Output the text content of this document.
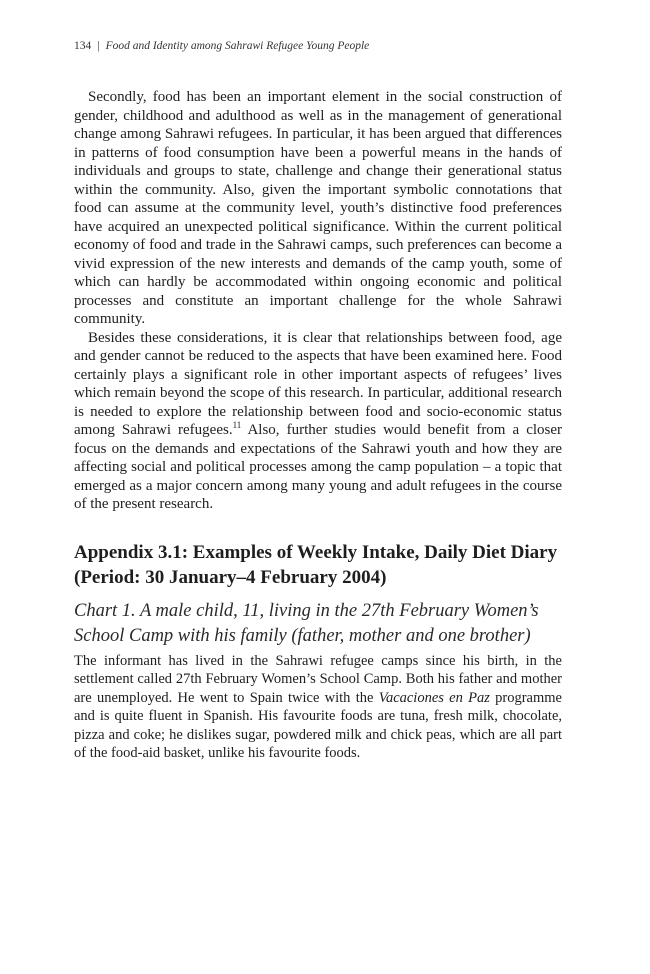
134 | Food and Identity among Sahrawi Refugee Young People

Secondly, food has been an important element in the social construction of gender, childhood and adulthood as well as in the management of generational change among Sahrawi refugees. In particular, it has been argued that differences in patterns of food consumption have been a powerful means in the hands of individuals and groups to state, challenge and change their generational status within the community. Also, given the important symbolic connotations that food can assume at the community level, youth’s distinctive food preferences have acquired an unexpected political significance. Within the current political economy of food and trade in the Sahrawi camps, such preferences can become a vivid expression of the new interests and demands of the camp youth, some of which can hardly be accommodated within ongoing economic and political processes and constitute an important challenge for the whole Sahrawi community.

Besides these considerations, it is clear that relationships between food, age and gender cannot be reduced to the aspects that have been examined here. Food certainly plays a significant role in other important aspects of refugees’ lives which remain beyond the scope of this research. In particular, additional research is needed to explore the relationship between food and socio-economic status among Sahrawi refugees.$^{11}$ Also, further studies would benefit from a closer focus on the demands and expectations of the Sahrawi youth and how they are affecting social and political processes among the camp population – a topic that emerged as a major concern among many young and adult refugees in the course of the present research.

Appendix 3.1: Examples of Weekly Intake, Daily Diet Diary (Period: 30 January–4 February 2004)
Chart 1. A male child, 11, living in the 27th February Women’s School Camp with his family (father, mother and one brother)

The informant has lived in the Sahrawi refugee camps since his birth, in the settlement called 27th February Women’s School Camp. Both his father and mother are unemployed. He went to Spain twice with the Vacaciones en Paz programme and is quite fluent in Spanish. His favourite foods are tuna, fresh milk, chocolate, pizza and coke; he dislikes sugar, powdered milk and chick peas, which are all part of the food-aid basket, unlike his favourite foods.
